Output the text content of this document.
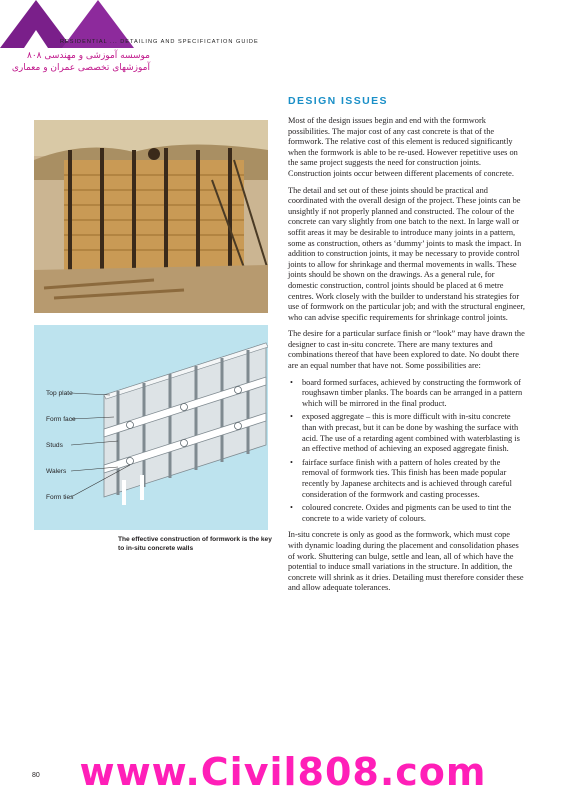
RESIDENTIAL ... DETAILING AND SPECIFICATION GUIDE
موسسه آموزشی و مهندسی ۸۰۸
آموزشهای تخصصی عمران و معماری
Top plate
Form face
Studs
Walers
Form ties

The effective construction of formwork is the key to in-situ concrete walls

DESIGN ISSUES

Most of the design issues begin and end with the formwork possibilities. The major cost of any cast concrete is that of the formwork. The relative cost of this element is reduced significantly when the formwork is able to be re-used. However repetitive uses on the same project suggests the need for construction joints. Construction joints occur between different placements of concrete.

The detail and set out of these joints should be practical and coordinated with the overall design of the project. These joints can be unsightly if not properly planned and constructed. The colour of the concrete can vary slightly from one batch to the next. In large wall or soffit areas it may be desirable to introduce many joints in a pattern, some as construction, others as ‘dummy’ joints to mask the impact. In addition to construction joints, it may be necessary to provide control joints to allow for shrinkage and thermal movements in walls. These joints should be shown on the drawings. As a general rule, for domestic construction, control joints should be placed at 6 metre centres. Work closely with the builder to understand his strategies for use of formwork on the particular job; and with the structural engineer, who can advise specific requirements for shrinkage control joints.

The desire for a particular surface finish or “look” may have drawn the designer to cast in-situ concrete. There are many textures and combinations thereof that have been explored to date. No doubt there are an equal number that have not. Some possibilities are:

• board formed surfaces, achieved by constructing the formwork of roughsawn timber planks. The boards can be arranged in a pattern which will be mirrored in the final product.
• exposed aggregate – this is more difficult with in-situ concrete than with precast, but it can be done by washing the surface with acid. The use of a retarding agent combined with waterblasting is an effective method of achieving an exposed aggregate finish.
• fairface surface finish with a pattern of holes created by the removal of formwork ties. This finish has been made popular recently by Japanese architects and is achieved through careful consideration of the formwork and casting processes.
• coloured concrete. Oxides and pigments can be used to tint the concrete to a wide variety of colours.

In-situ concrete is only as good as the formwork, which must cope with dynamic loading during the placement and consolidation phases of work. Shuttering can bulge, settle and lean, all of which have the potential to induce small variations in the structure. In addition, the concrete will shrink as it dries. Detailing must therefore consider these and allow adequate tolerances.

80	www.Civil808.com
